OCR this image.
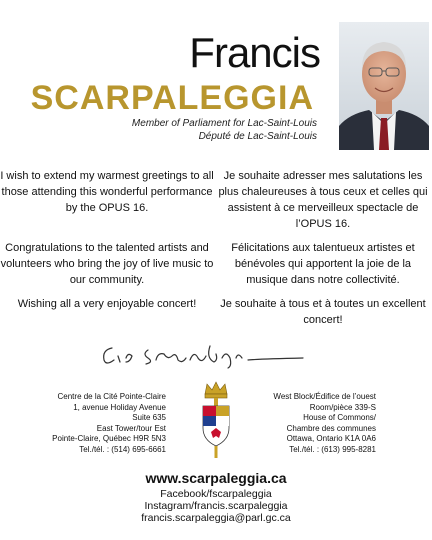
Francis
SCARPALEGGIA
Member of Parliament for Lac-Saint-Louis
Député de Lac-Saint-Louis
I wish to extend my warmest greetings to all those attending this wonderful performance by the OPUS 16.
Congratulations to the talented artists and volunteers who bring the joy of live music to our community.
Wishing all a very enjoyable concert!
Je souhaite adresser mes salutations les plus chaleureuses à tous ceux et celles qui assistent à ce merveilleux spectacle de l’OPUS 16.
Félicitations aux talentueux artistes et bénévoles qui apportent la joie de la musique dans notre collectivité.
Je souhaite à tous et à toutes un excellent concert!
Centre de la Cité Pointe-Claire
1, avenue Holiday Avenue
Suite 635
East Tower/tour Est
Pointe-Claire, Québec H9R 5N3
Tel./tél. : (514) 695-6661
West Block/Édifice de l’ouest
Room/pièce 339-S
House of Commons/
Chambre des communes
Ottawa, Ontario K1A 0A6
Tel./tél. : (613) 995-8281
www.scarpaleggia.ca
Facebook/fscarpaleggia
Instagram/francis.scarpaleggia
francis.scarpaleggia@parl.gc.ca
